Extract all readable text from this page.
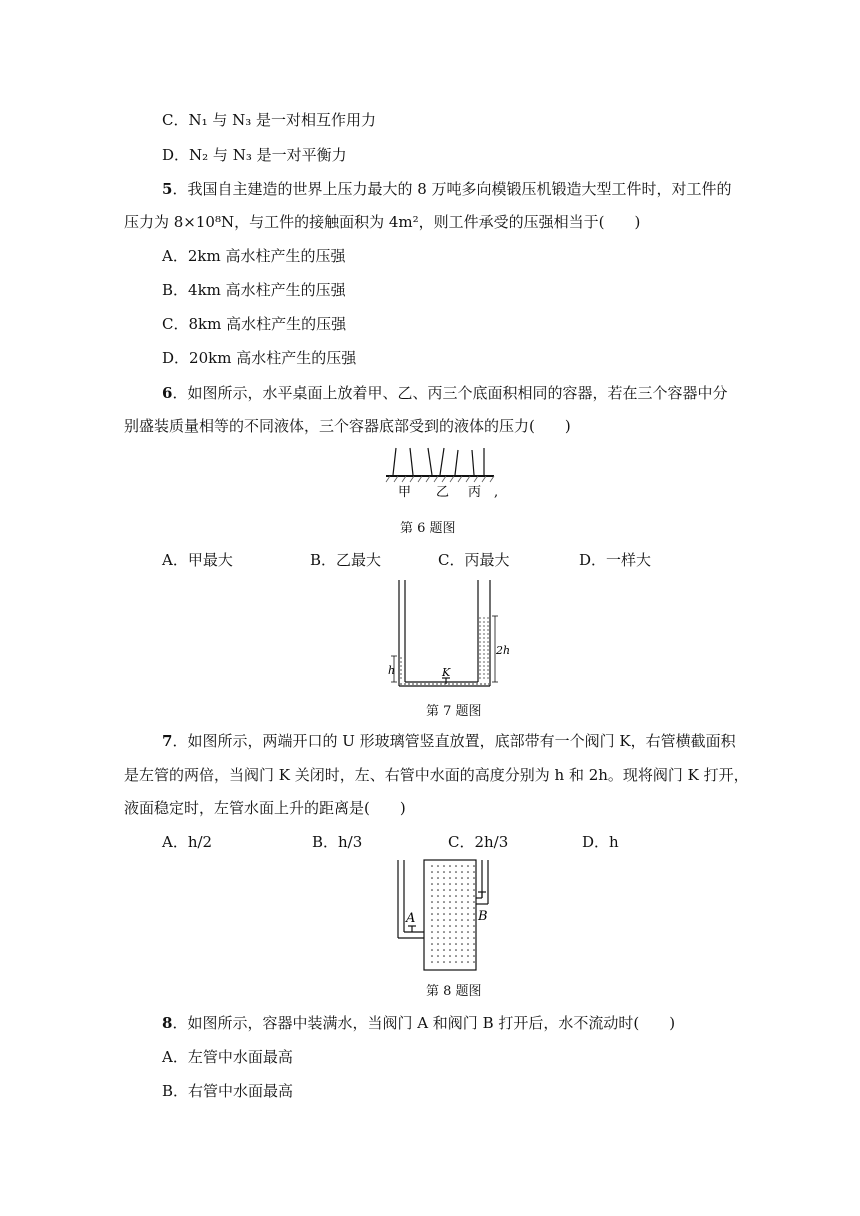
C．N₁ 与 N₃ 是一对相互作用力
D．N₂ 与 N₃ 是一对平衡力
5．我国自主建造的世界上压力最大的 8 万吨多向模锻压机锻造大型工件时，对工件的
压力为 8×10⁸N，与工件的接触面积为 4m²，则工件承受的压强相当于(　　)
A．2km 高水柱产生的压强
B．4km 高水柱产生的压强
C．8km 高水柱产生的压强
D．20km 高水柱产生的压强
6．如图所示，水平桌面上放着甲、乙、丙三个底面积相同的容器，若在三个容器中分
别盛装质量相等的不同液体，三个容器底部受到的液体的压力(　　)
甲 乙 丙 ,
第 6 题图
A．甲最大	B．乙最大	C．丙最大	D．一样大
K
h
2h
第 7 题图
7．如图所示，两端开口的 U 形玻璃管竖直放置，底部带有一个阀门 K，右管横截面积
是左管的两倍，当阀门 K 关闭时，左、右管中水面的高度分别为 h 和 2h。现将阀门 K 打开，
液面稳定时，左管水面上升的距离是(　　)
A．h/2	B．h/3	C．2h/3	D．h
A	B
第 8 题图
8．如图所示，容器中装满水，当阀门 A 和阀门 B 打开后，水不流动时(　　)
A．左管中水面最高
B．右管中水面最高
